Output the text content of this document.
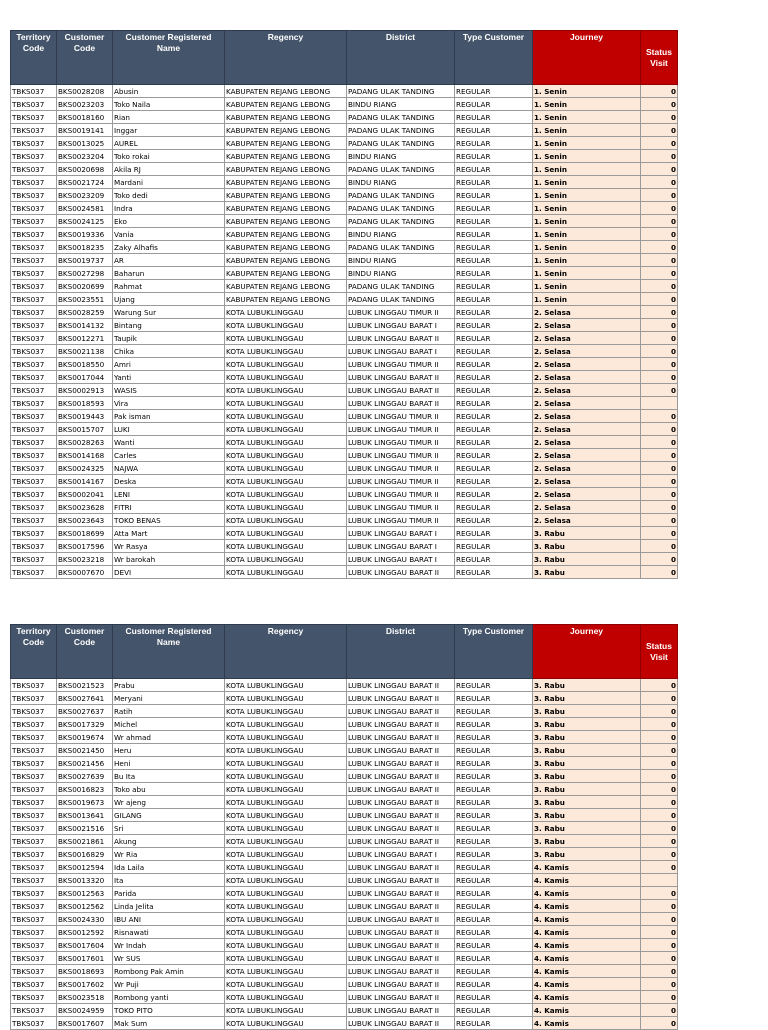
Territory Code	Customer Code	Customer Registered Name	Regency	District	Type Customer	Journey	Status Visit
TBKS037	BKS0028208	Abusin	KABUPATEN REJANG LEBONG	PADANG ULAK TANDING	REGULAR	1. Senin	0
TBKS037	BKS0023203	Toko Naila	KABUPATEN REJANG LEBONG	BINDU RIANG	REGULAR	1. Senin	0
TBKS037	BKS0018160	Rian	KABUPATEN REJANG LEBONG	PADANG ULAK TANDING	REGULAR	1. Senin	0
TBKS037	BKS0019141	Inggar	KABUPATEN REJANG LEBONG	PADANG ULAK TANDING	REGULAR	1. Senin	0
TBKS037	BKS0013025	AUREL	KABUPATEN REJANG LEBONG	PADANG ULAK TANDING	REGULAR	1. Senin	0
TBKS037	BKS0023204	Toko rokai	KABUPATEN REJANG LEBONG	BINDU RIANG	REGULAR	1. Senin	0
TBKS037	BKS0020698	Akila RJ	KABUPATEN REJANG LEBONG	PADANG ULAK TANDING	REGULAR	1. Senin	0
TBKS037	BKS0021724	Mardani	KABUPATEN REJANG LEBONG	BINDU RIANG	REGULAR	1. Senin	0
TBKS037	BKS0023209	Toko dedi	KABUPATEN REJANG LEBONG	PADANG ULAK TANDING	REGULAR	1. Senin	0
TBKS037	BKS0024581	Indra	KABUPATEN REJANG LEBONG	PADANG ULAK TANDING	REGULAR	1. Senin	0
TBKS037	BKS0024125	Eko	KABUPATEN REJANG LEBONG	PADANG ULAK TANDING	REGULAR	1. Senin	0
TBKS037	BKS0019336	Vania	KABUPATEN REJANG LEBONG	BINDU RIANG	REGULAR	1. Senin	0
TBKS037	BKS0018235	Zaky Alhafis	KABUPATEN REJANG LEBONG	PADANG ULAK TANDING	REGULAR	1. Senin	0
TBKS037	BKS0019737	AR	KABUPATEN REJANG LEBONG	BINDU RIANG	REGULAR	1. Senin	0
TBKS037	BKS0027298	Baharun	KABUPATEN REJANG LEBONG	BINDU RIANG	REGULAR	1. Senin	0
TBKS037	BKS0020699	Rahmat	KABUPATEN REJANG LEBONG	PADANG ULAK TANDING	REGULAR	1. Senin	0
TBKS037	BKS0023551	Ujang	KABUPATEN REJANG LEBONG	PADANG ULAK TANDING	REGULAR	1. Senin	0
TBKS037	BKS0028259	Warung Sur	KOTA LUBUKLINGGAU	LUBUK LINGGAU TIMUR II	REGULAR	2. Selasa	0
TBKS037	BKS0014132	Bintang	KOTA LUBUKLINGGAU	LUBUK LINGGAU BARAT I	REGULAR	2. Selasa	0
TBKS037	BKS0012271	Taupik	KOTA LUBUKLINGGAU	LUBUK LINGGAU BARAT II	REGULAR	2. Selasa	0
TBKS037	BKS0021138	Chika	KOTA LUBUKLINGGAU	LUBUK LINGGAU BARAT I	REGULAR	2. Selasa	0
TBKS037	BKS0018550	Amri	KOTA LUBUKLINGGAU	LUBUK LINGGAU TIMUR II	REGULAR	2. Selasa	0
TBKS037	BKS0017044	Yanti	KOTA LUBUKLINGGAU	LUBUK LINGGAU BARAT II	REGULAR	2. Selasa	0
TBKS037	BKS0002913	WASIS	KOTA LUBUKLINGGAU	LUBUK LINGGAU BARAT II	REGULAR	2. Selasa	0
TBKS037	BKS0018593	Vira	KOTA LUBUKLINGGAU	LUBUK LINGGAU BARAT II	REGULAR	2. Selasa	
TBKS037	BKS0019443	Pak isman	KOTA LUBUKLINGGAU	LUBUK LINGGAU TIMUR II	REGULAR	2. Selasa	0
TBKS037	BKS0015707	LUKI	KOTA LUBUKLINGGAU	LUBUK LINGGAU TIMUR II	REGULAR	2. Selasa	0
TBKS037	BKS0028263	Wanti	KOTA LUBUKLINGGAU	LUBUK LINGGAU TIMUR II	REGULAR	2. Selasa	0
TBKS037	BKS0014168	Carles	KOTA LUBUKLINGGAU	LUBUK LINGGAU TIMUR II	REGULAR	2. Selasa	0
TBKS037	BKS0024325	NAJWA	KOTA LUBUKLINGGAU	LUBUK LINGGAU TIMUR II	REGULAR	2. Selasa	0
TBKS037	BKS0014167	Deska	KOTA LUBUKLINGGAU	LUBUK LINGGAU TIMUR II	REGULAR	2. Selasa	0
TBKS037	BKS0002041	LENI	KOTA LUBUKLINGGAU	LUBUK LINGGAU TIMUR II	REGULAR	2. Selasa	0
TBKS037	BKS0023628	FITRI	KOTA LUBUKLINGGAU	LUBUK LINGGAU TIMUR II	REGULAR	2. Selasa	0
TBKS037	BKS0023643	TOKO BENAS	KOTA LUBUKLINGGAU	LUBUK LINGGAU TIMUR II	REGULAR	2. Selasa	0
TBKS037	BKS0018699	Atta Mart	KOTA LUBUKLINGGAU	LUBUK LINGGAU BARAT I	REGULAR	3. Rabu	0
TBKS037	BKS0017596	Wr Rasya	KOTA LUBUKLINGGAU	LUBUK LINGGAU BARAT I	REGULAR	3. Rabu	0
TBKS037	BKS0023218	Wr barokah	KOTA LUBUKLINGGAU	LUBUK LINGGAU BARAT I	REGULAR	3. Rabu	0
TBKS037	BKS0007670	DEVI	KOTA LUBUKLINGGAU	LUBUK LINGGAU BARAT II	REGULAR	3. Rabu	0
Territory Code	Customer Code	Customer Registered Name	Regency	District	Type Customer	Journey	Status Visit
TBKS037	BKS0021523	Prabu	KOTA LUBUKLINGGAU	LUBUK LINGGAU BARAT II	REGULAR	3. Rabu	0
TBKS037	BKS0027641	Meryani	KOTA LUBUKLINGGAU	LUBUK LINGGAU BARAT II	REGULAR	3. Rabu	0
TBKS037	BKS0027637	Ratih	KOTA LUBUKLINGGAU	LUBUK LINGGAU BARAT II	REGULAR	3. Rabu	0
TBKS037	BKS0017329	Michel	KOTA LUBUKLINGGAU	LUBUK LINGGAU BARAT II	REGULAR	3. Rabu	0
TBKS037	BKS0019674	Wr ahmad	KOTA LUBUKLINGGAU	LUBUK LINGGAU BARAT II	REGULAR	3. Rabu	0
TBKS037	BKS0021450	Heru	KOTA LUBUKLINGGAU	LUBUK LINGGAU BARAT II	REGULAR	3. Rabu	0
TBKS037	BKS0021456	Heni	KOTA LUBUKLINGGAU	LUBUK LINGGAU BARAT II	REGULAR	3. Rabu	0
TBKS037	BKS0027639	Bu Ita	KOTA LUBUKLINGGAU	LUBUK LINGGAU BARAT II	REGULAR	3. Rabu	0
TBKS037	BKS0016823	Toko abu	KOTA LUBUKLINGGAU	LUBUK LINGGAU BARAT II	REGULAR	3. Rabu	0
TBKS037	BKS0019673	Wr ajeng	KOTA LUBUKLINGGAU	LUBUK LINGGAU BARAT II	REGULAR	3. Rabu	0
TBKS037	BKS0013641	GILANG	KOTA LUBUKLINGGAU	LUBUK LINGGAU BARAT II	REGULAR	3. Rabu	0
TBKS037	BKS0021516	Sri	KOTA LUBUKLINGGAU	LUBUK LINGGAU BARAT II	REGULAR	3. Rabu	0
TBKS037	BKS0021861	Akung	KOTA LUBUKLINGGAU	LUBUK LINGGAU BARAT II	REGULAR	3. Rabu	0
TBKS037	BKS0016829	Wr Ria	KOTA LUBUKLINGGAU	LUBUK LINGGAU BARAT I	REGULAR	3. Rabu	0
TBKS037	BKS0012594	Ida Laila	KOTA LUBUKLINGGAU	LUBUK LINGGAU BARAT II	REGULAR	4. Kamis	0
TBKS037	BKS0013320	Ita	KOTA LUBUKLINGGAU	LUBUK LINGGAU BARAT II	REGULAR	4. Kamis	
TBKS037	BKS0012563	Parida	KOTA LUBUKLINGGAU	LUBUK LINGGAU BARAT II	REGULAR	4. Kamis	0
TBKS037	BKS0012562	Linda Jelita	KOTA LUBUKLINGGAU	LUBUK LINGGAU BARAT II	REGULAR	4. Kamis	0
TBKS037	BKS0024330	IBU ANI	KOTA LUBUKLINGGAU	LUBUK LINGGAU BARAT II	REGULAR	4. Kamis	0
TBKS037	BKS0012592	Risnawati	KOTA LUBUKLINGGAU	LUBUK LINGGAU BARAT II	REGULAR	4. Kamis	0
TBKS037	BKS0017604	Wr Indah	KOTA LUBUKLINGGAU	LUBUK LINGGAU BARAT II	REGULAR	4. Kamis	0
TBKS037	BKS0017601	Wr SUS	KOTA LUBUKLINGGAU	LUBUK LINGGAU BARAT II	REGULAR	4. Kamis	0
TBKS037	BKS0018693	Rombong Pak Amin	KOTA LUBUKLINGGAU	LUBUK LINGGAU BARAT II	REGULAR	4. Kamis	0
TBKS037	BKS0017602	Wr Puji	KOTA LUBUKLINGGAU	LUBUK LINGGAU BARAT II	REGULAR	4. Kamis	0
TBKS037	BKS0023518	Rombong yanti	KOTA LUBUKLINGGAU	LUBUK LINGGAU BARAT II	REGULAR	4. Kamis	0
TBKS037	BKS0024959	TOKO PITO	KOTA LUBUKLINGGAU	LUBUK LINGGAU BARAT II	REGULAR	4. Kamis	0
TBKS037	BKS0017607	Mak Sum	KOTA LUBUKLINGGAU	LUBUK LINGGAU BARAT II	REGULAR	4. Kamis	0
